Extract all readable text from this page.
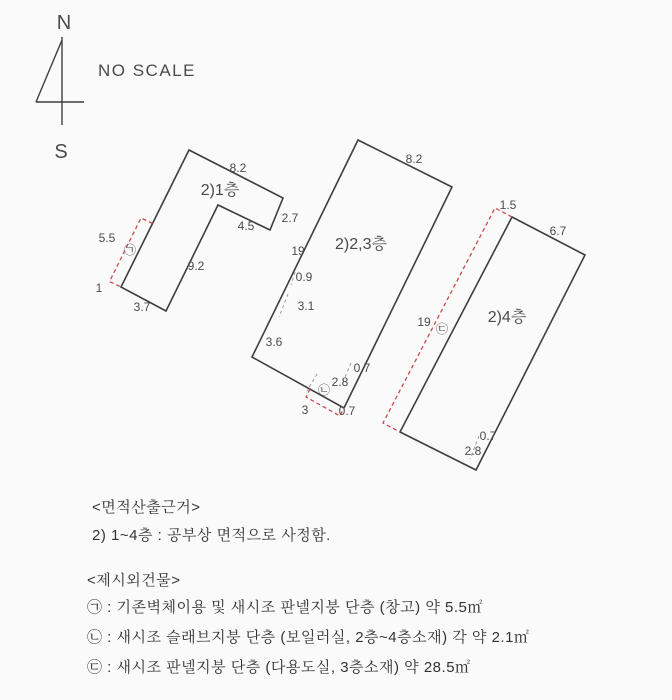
N
S
NO SCALE
2)1층
8.2
2.7
4.5
9.2
3.7
5.5
1
㉠	2)2,3층
8.2
19
0.9
3.1
3.6
0.7
2.8
3	0.7
㉡
2)4층
1.5
6.7
19
0.7
2.8
㉢
<면적산출근거>
2) 1~4층 : 공부상 면적으로 사정함.
<제시외건물>
㉠ : 기존벽체이용 및 새시조 판넬지붕 단층 (창고) 약 5.5㎡
㉡ : 새시조 슬래브지붕 단층 (보일러실, 2층~4층소재) 각 약 2.1㎡
㉢ : 새시조 판넬지붕 단층 (다용도실, 3층소재) 약 28.5㎡
